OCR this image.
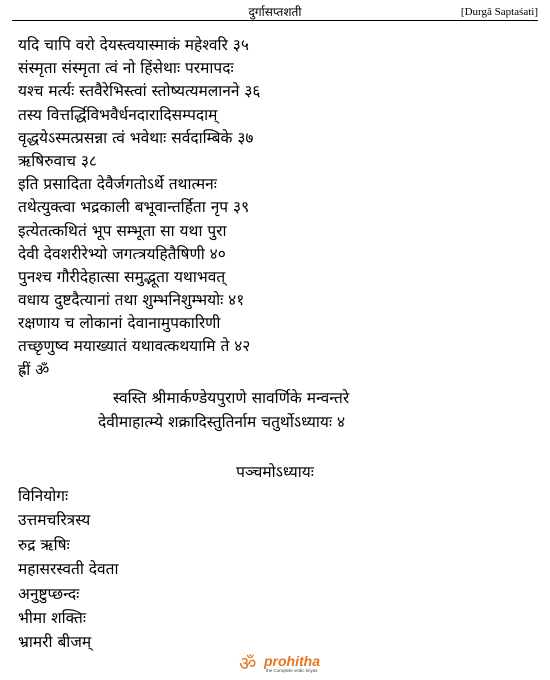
दुर्गासप्तशती	[Durgā Saptaśati]
यदि चापि वरो देयस्त्वयास्माकं महेश्वरि ३५
संस्मृता संस्मृता त्वं नो हिंसेथाः परमापदः
यश्च मर्त्यः स्तवैरेभिस्त्वां स्तोष्यत्यमलानने ३६
तस्य वित्तर्द्धिविभवैर्धनदारादिसम्पदाम्
वृद्धयेऽस्मत्प्रसन्ना त्वं भवेथाः सर्वदाम्बिके ३७
ऋषिरुवाच ३८
इति प्रसादिता देवैर्जगतोऽर्थे तथात्मनः
तथेत्युक्त्वा भद्रकाली बभूवान्तर्हिता नृप ३९
इत्येतत्कथितं भूप सम्भूता सा यथा पुरा
देवी देवशरीरेभ्यो जगत्त्रयहितैषिणी ४०
पुनश्च गौरीदेहात्सा समुद्भूता यथाभवत्
वधाय दुष्टदैत्यानां तथा शुम्भनिशुम्भयोः ४१
रक्षणाय च लोकानां देवानामुपकारिणी
तच्छृणुष्व मयाख्यातं यथावत्कथयामि ते ४२
ह्रीं ॐ
स्वस्ति श्रीमार्कण्डेयपुराणे सावर्णिके मन्वन्तरे
देवीमाहात्म्ये शक्रादिस्तुतिर्नाम चतुर्थोऽध्यायः ४
पञ्चमोऽध्यायः
विनियोगः
उत्तमचरित्रस्य
रुद्र ऋषिः
महासरस्वती देवता
अनुष्टुप्छन्दः
भीमा शक्तिः
भ्रामरी बीजम्
ॐ prohitha
the Complete vedic kriyas
